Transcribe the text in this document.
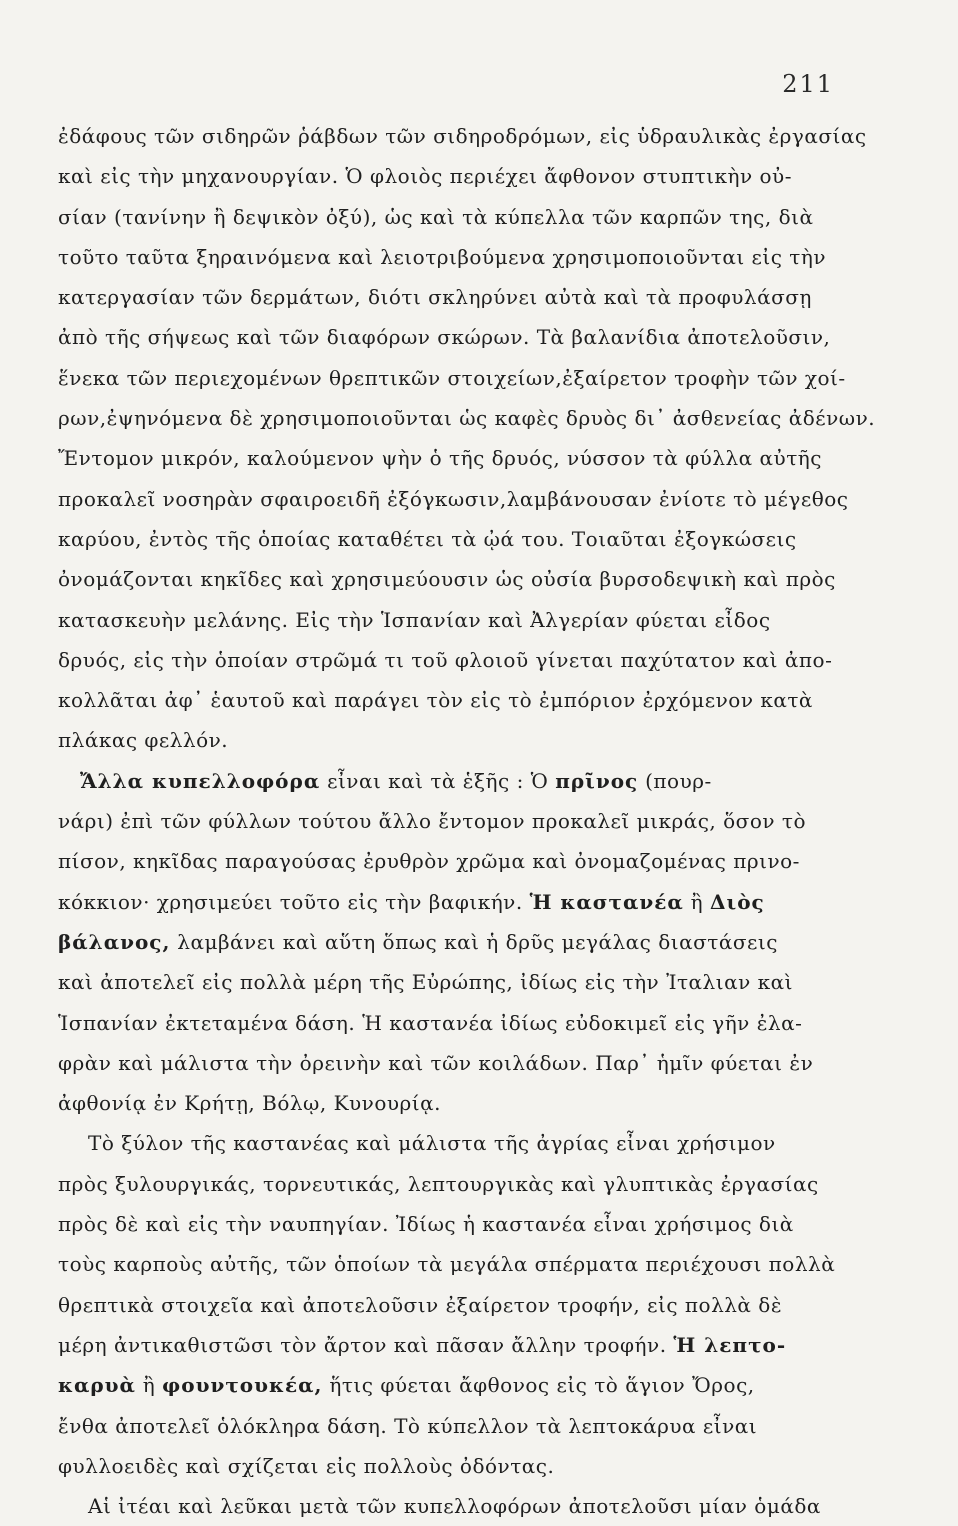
211
ἐδάφους τῶν σιδηρῶν ῥάβδων τῶν σιδηροδρόμων, εἰς ὑδραυλικὰς ἐργασίας
καὶ εἰς τὴν μηχανουργίαν. Ὁ φλοιὸς περιέχει ἄφθονον στυπτικὴν οὐ-
σίαν (τανίνην ἢ δεψικὸν ὀξύ), ὡς καὶ τὰ κύπελλα τῶν καρπῶν της, διὰ
τοῦτο ταῦτα ξηραινόμενα καὶ λειοτριβούμενα χρησιμοποιοῦνται εἰς τὴν
κατεργασίαν τῶν δερμάτων, διότι σκληρύνει αὐτὰ καὶ τὰ προφυλάσσῃ
ἀπὸ τῆς σήψεως καὶ τῶν διαφόρων σκώρων. Τὰ βαλανίδια ἀποτελοῦσιν,
ἕνεκα τῶν περιεχομένων θρεπτικῶν στοιχείων,ἐξαίρετον τροφὴν τῶν χοί-
ρων,ἐψηνόμενα δὲ χρησιμοποιοῦνται ὡς καφὲς δρυὸς δι᾽ ἀσθενείας ἀδένων.
Ἔντομον μικρόν, καλούμενον ψὴν ὁ τῆς δρυός, νύσσον τὰ φύλλα αὐτῆς
προκαλεῖ νοσηρὰν σφαιροειδῆ ἐξόγκωσιν,λαμβάνουσαν ἐνίοτε τὸ μέγεθος
καρύου, ἐντὸς τῆς ὁποίας καταθέτει τὰ ᾠά του. Τοιαῦται ἐξογκώσεις
ὀνομάζονται κηκῖδες καὶ χρησιμεύουσιν ὡς οὐσία βυρσοδεψικὴ καὶ πρὸς
κατασκευὴν μελάνης. Εἰς τὴν Ἱσπανίαν καὶ Ἀλγερίαν φύεται εἶδος
δρυός, εἰς τὴν ὁποίαν στρῶμά τι τοῦ φλοιοῦ γίνεται παχύτατον καὶ ἀπο-
κολλᾶται ἀφ᾽ ἑαυτοῦ καὶ παράγει τὸν εἰς τὸ ἐμπόριον ἐρχόμενον κατὰ
πλάκας φελλόν.
Ἄλλα κυπελλοφόρα εἶναι καὶ τὰ ἑξῆς : Ὁ πρῖνος (πουρ-
νάρι) ἐπὶ τῶν φύλλων τούτου ἄλλο ἔντομον προκαλεῖ μικράς, ὅσον τὸ
πίσον, κηκῖδας παραγούσας ἐρυθρὸν χρῶμα καὶ ὀνομαζομένας πρινο-
κόκκιον· χρησιμεύει τοῦτο εἰς τὴν βαφικήν. Ἡ καστανέα ἢ Διὸς
βάλανος, λαμβάνει καὶ αὕτη ὅπως καὶ ἡ δρῦς μεγάλας διαστάσεις
καὶ ἀποτελεῖ εἰς πολλὰ μέρη τῆς Εὐρώπης, ἰδίως εἰς τὴν Ἰταλιαν καὶ
Ἱσπανίαν ἐκτεταμένα δάση. Ἡ καστανέα ἰδίως εὐδοκιμεῖ εἰς γῆν ἐλα-
φρὰν καὶ μάλιστα τὴν ὀρεινὴν καὶ τῶν κοιλάδων. Παρ᾽ ἡμῖν φύεται ἐν
ἀφθονίᾳ ἐν Κρήτῃ, Βόλῳ, Κυνουρίᾳ.
Τὸ ξύλον τῆς καστανέας καὶ μάλιστα τῆς ἀγρίας εἶναι χρήσιμον
πρὸς ξυλουργικάς, τορνευτικάς, λεπτουργικὰς καὶ γλυπτικὰς ἐργασίας
πρὸς δὲ καὶ εἰς τὴν ναυπηγίαν. Ἰδίως ἡ καστανέα εἶναι χρήσιμος διὰ
τοὺς καρποὺς αὐτῆς, τῶν ὁποίων τὰ μεγάλα σπέρματα περιέχουσι πολλὰ
θρεπτικὰ στοιχεῖα καὶ ἀποτελοῦσιν ἐξαίρετον τροφήν, εἰς πολλὰ δὲ
μέρη ἀντικαθιστῶσι τὸν ἄρτον καὶ πᾶσαν ἄλλην τροφήν. Ἡ λεπτο-
καρυὰ ἢ φουντουκέα, ἥτις φύεται ἄφθονος εἰς τὸ ἅγιον Ὄρος,
ἔνθα ἀποτελεῖ ὁλόκληρα δάση. Τὸ κύπελλον τὰ λεπτοκάρυα εἶναι
φυλλοειδὲς καὶ σχίζεται εἰς πολλοὺς ὀδόντας.
Αἱ ἰτέαι καὶ λεῦκαι μετὰ τῶν κυπελλοφόρων ἀποτελοῦσι μίαν ὁμάδα
